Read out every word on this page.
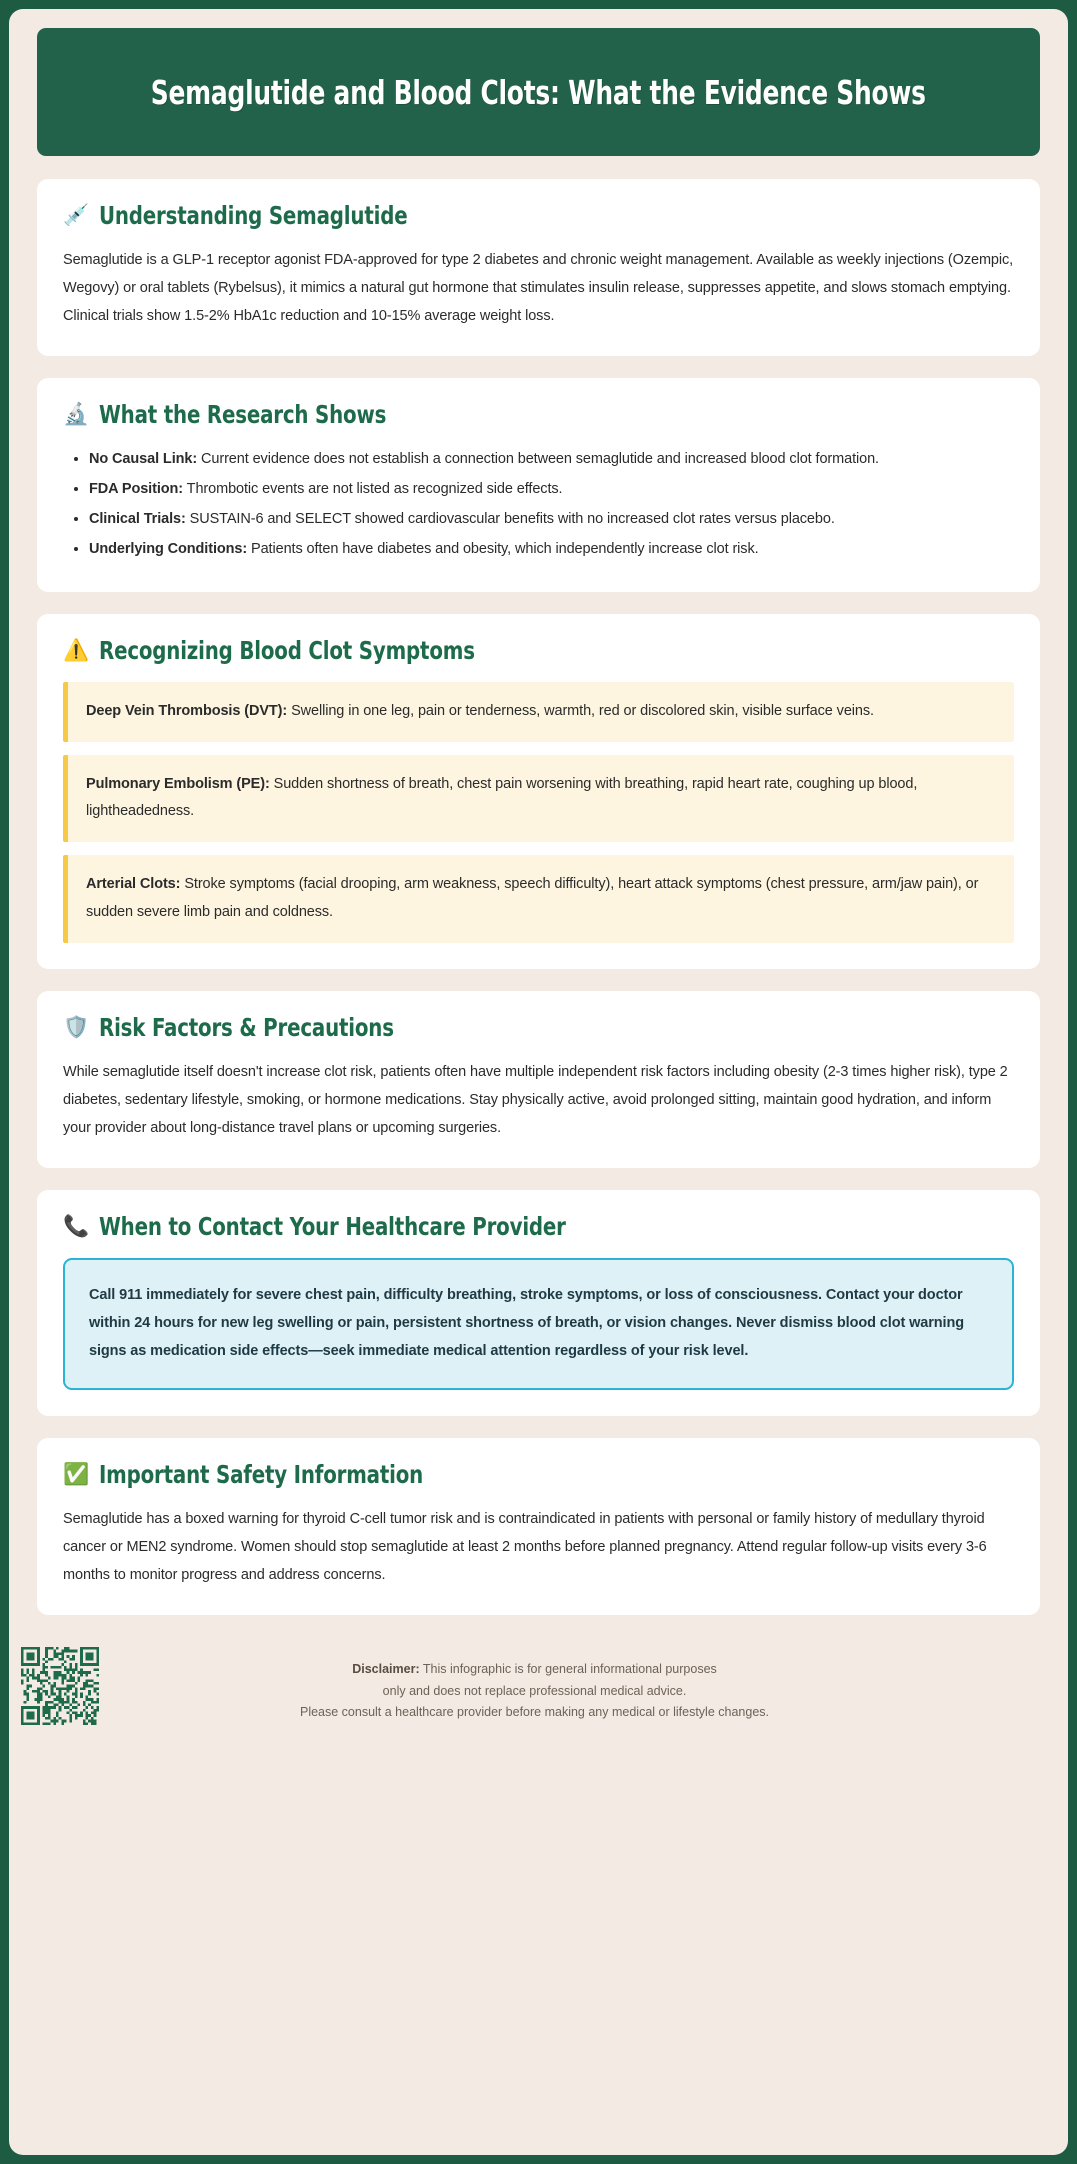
Semaglutide and Blood Clots: What the Evidence Shows
💉 Understanding Semaglutide
Semaglutide is a GLP-1 receptor agonist FDA-approved for type 2 diabetes and chronic weight management. Available as weekly injections (Ozempic, Wegovy) or oral tablets (Rybelsus), it mimics a natural gut hormone that stimulates insulin release, suppresses appetite, and slows stomach emptying. Clinical trials show 1.5-2% HbA1c reduction and 10-15% average weight loss.
🔬 What the Research Shows
• No Causal Link: Current evidence does not establish a connection between semaglutide and increased blood clot formation.
• FDA Position: Thrombotic events are not listed as recognized side effects.
• Clinical Trials: SUSTAIN-6 and SELECT showed cardiovascular benefits with no increased clot rates versus placebo.
• Underlying Conditions: Patients often have diabetes and obesity, which independently increase clot risk.
⚠️ Recognizing Blood Clot Symptoms
Deep Vein Thrombosis (DVT): Swelling in one leg, pain or tenderness, warmth, red or discolored skin, visible surface veins.
Pulmonary Embolism (PE): Sudden shortness of breath, chest pain worsening with breathing, rapid heart rate, coughing up blood, lightheadedness.
Arterial Clots: Stroke symptoms (facial drooping, arm weakness, speech difficulty), heart attack symptoms (chest pressure, arm/jaw pain), or sudden severe limb pain and coldness.
🛡️ Risk Factors & Precautions
While semaglutide itself doesn't increase clot risk, patients often have multiple independent risk factors including obesity (2-3 times higher risk), type 2 diabetes, sedentary lifestyle, smoking, or hormone medications. Stay physically active, avoid prolonged sitting, maintain good hydration, and inform your provider about long-distance travel plans or upcoming surgeries.
📞 When to Contact Your Healthcare Provider
Call 911 immediately for severe chest pain, difficulty breathing, stroke symptoms, or loss of consciousness. Contact your doctor within 24 hours for new leg swelling or pain, persistent shortness of breath, or vision changes. Never dismiss blood clot warning signs as medication side effects—seek immediate medical attention regardless of your risk level.
✅ Important Safety Information
Semaglutide has a boxed warning for thyroid C-cell tumor risk and is contraindicated in patients with personal or family history of medullary thyroid cancer or MEN2 syndrome. Women should stop semaglutide at least 2 months before planned pregnancy. Attend regular follow-up visits every 3-6 months to monitor progress and address concerns.
Disclaimer: This infographic is for general informational purposes
only and does not replace professional medical advice.
Please consult a healthcare provider before making any medical or lifestyle changes.
